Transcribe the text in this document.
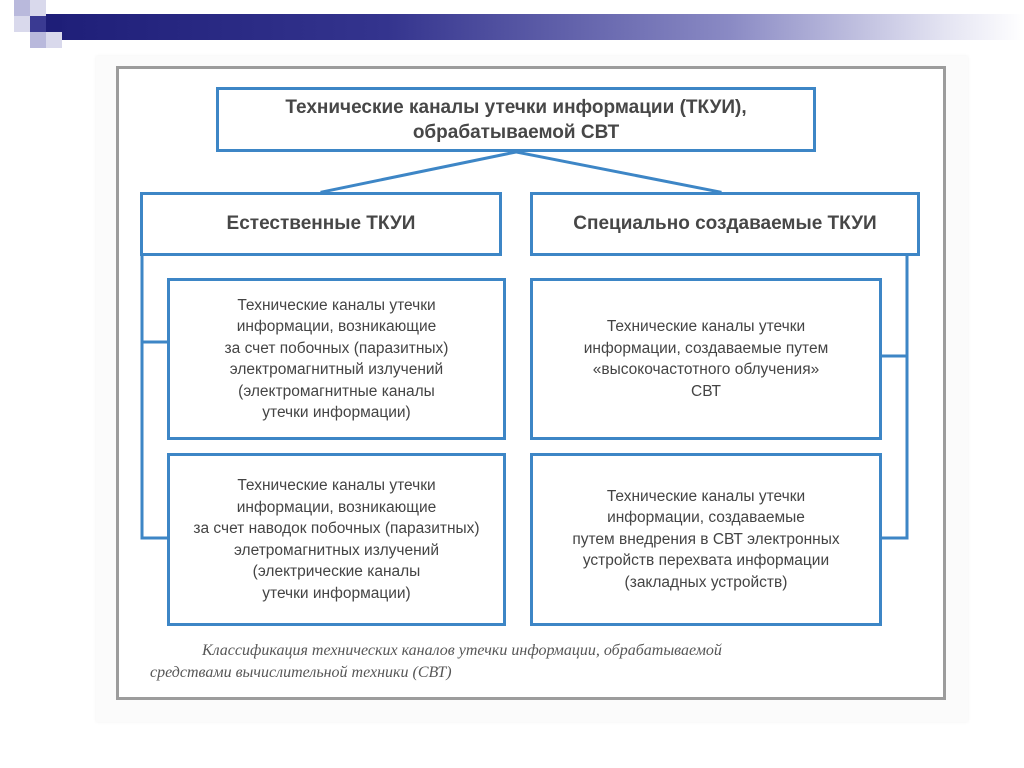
Технические каналы утечки информации (ТКУИ),
обрабатываемой СВТ
Естественные ТКУИ	Специально создаваемые ТКУИ
Технические каналы утечки
информации, возникающие
за счет побочных (паразитных)
электромагнитный излучений
(электромагнитные каналы
утечки информации)
Технические каналы утечки
информации, возникающие
за счет наводок побочных (паразитных)
элетромагнитных излучений
(электрические каналы
утечки информации)
Технические каналы утечки
информации, создаваемые путем
«высокочастотного облучения»
СВТ
Технические каналы утечки
информации, создаваемые
путем внедрения в СВТ электронных
устройств перехвата информации
(закладных устройств)
Классификация технических каналов утечки информации, обрабатываемой
средствами вычислительной техники (СВТ)
